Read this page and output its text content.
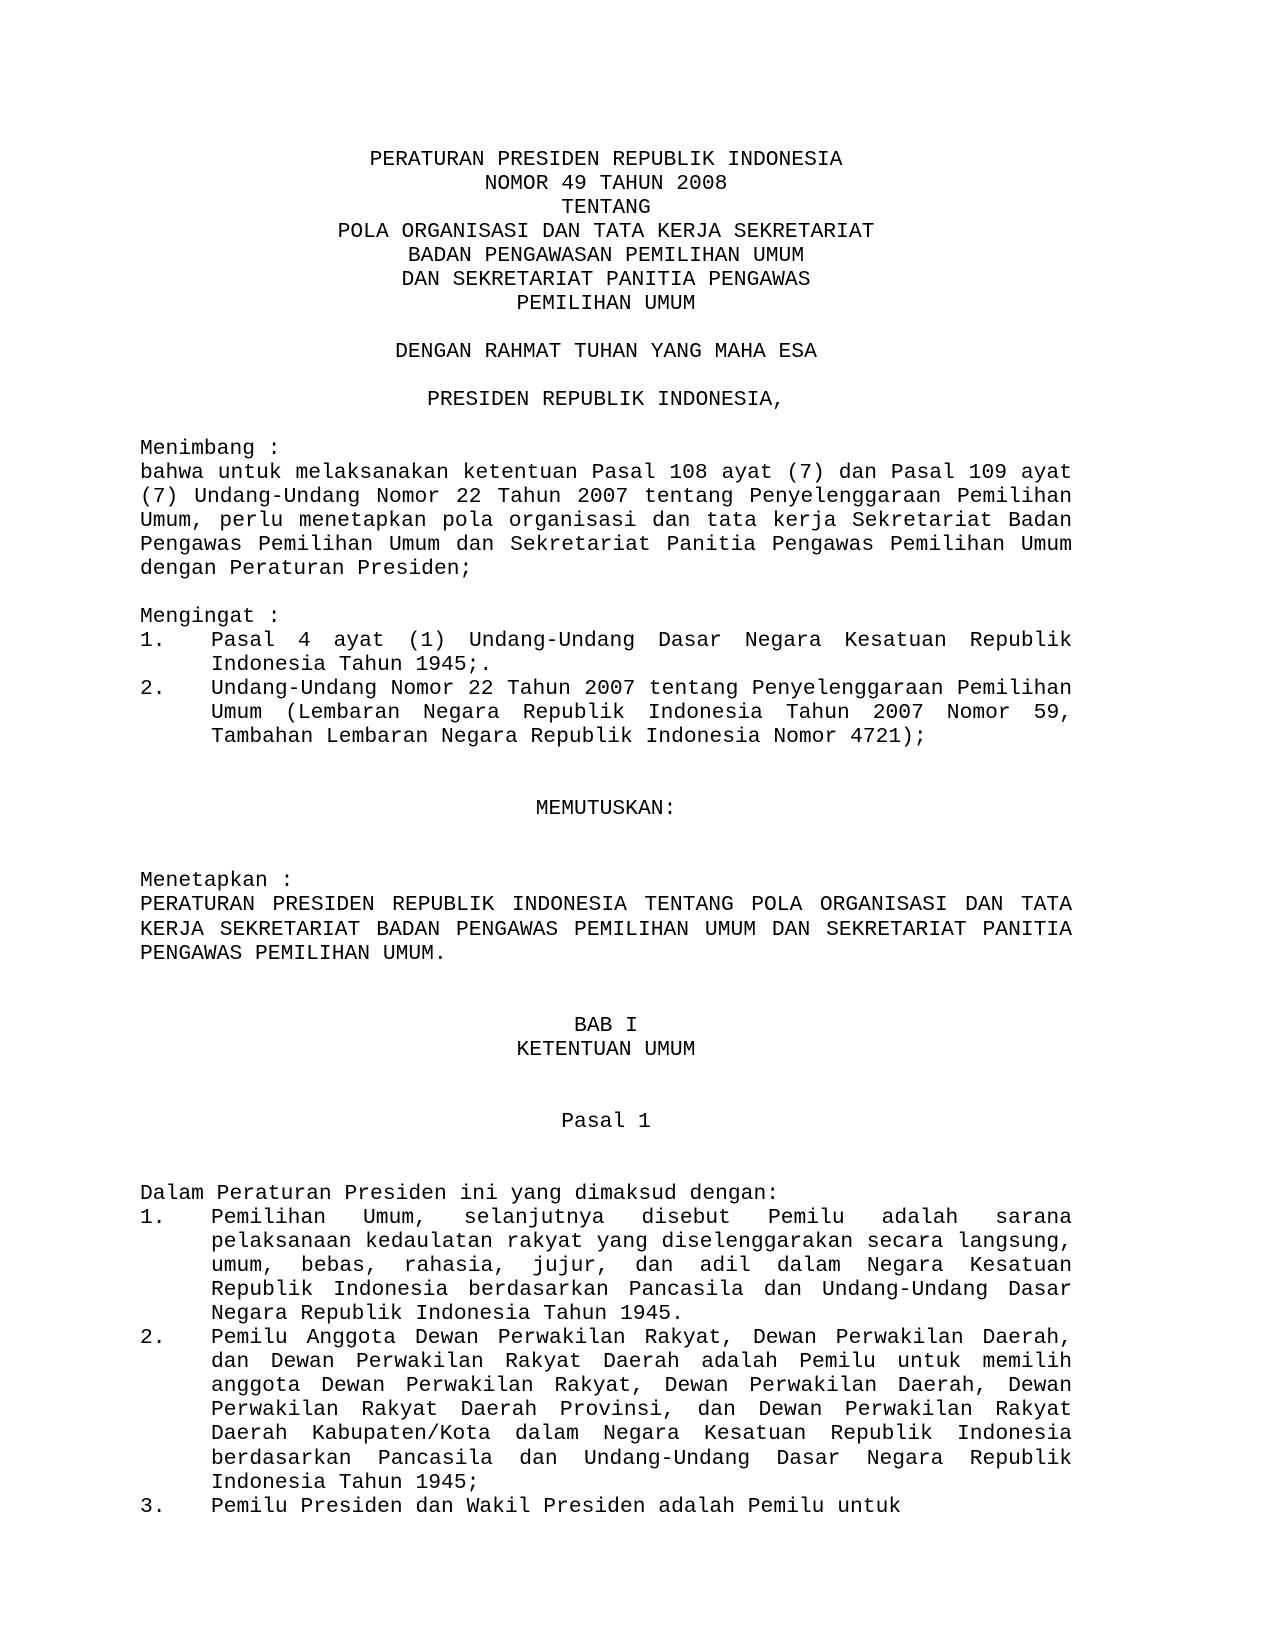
PERATURAN PRESIDEN REPUBLIK INDONESIA
NOMOR 49 TAHUN 2008
TENTANG
POLA ORGANISASI DAN TATA KERJA SEKRETARIAT
BADAN PENGAWASAN PEMILIHAN UMUM
DAN SEKRETARIAT PANITIA PENGAWAS
PEMILIHAN UMUM

DENGAN RAHMAT TUHAN YANG MAHA ESA

PRESIDEN REPUBLIK INDONESIA,

Menimbang :
bahwa untuk melaksanakan ketentuan Pasal 108 ayat (7) dan Pasal 109 ayat (7) Undang-Undang Nomor 22 Tahun 2007 tentang Penyelenggaraan Pemilihan Umum, perlu menetapkan pola organisasi dan tata kerja Sekretariat Badan Pengawas Pemilihan Umum dan Sekretariat Panitia Pengawas Pemilihan Umum dengan Peraturan Presiden;

Mengingat :
1.	Pasal 4 ayat (1) Undang-Undang Dasar Negara Kesatuan Republik Indonesia Tahun 1945;.
2.	Undang-Undang Nomor 22 Tahun 2007 tentang Penyelenggaraan Pemilihan Umum (Lembaran Negara Republik Indonesia Tahun 2007 Nomor 59, Tambahan Lembaran Negara Republik Indonesia Nomor 4721);

MEMUTUSKAN:

Menetapkan :
PERATURAN PRESIDEN REPUBLIK INDONESIA TENTANG POLA ORGANISASI DAN TATA KERJA SEKRETARIAT BADAN PENGAWAS PEMILIHAN UMUM DAN SEKRETARIAT PANITIA PENGAWAS PEMILIHAN UMUM.

BAB I
KETENTUAN UMUM

Pasal 1

Dalam Peraturan Presiden ini yang dimaksud dengan:
1.	Pemilihan Umum, selanjutnya disebut Pemilu adalah sarana pelaksanaan kedaulatan rakyat yang diselenggarakan secara langsung, umum, bebas, rahasia, jujur, dan adil dalam Negara Kesatuan Republik Indonesia berdasarkan Pancasila dan Undang-Undang Dasar Negara Republik Indonesia Tahun 1945.
2.	Pemilu Anggota Dewan Perwakilan Rakyat, Dewan Perwakilan Daerah, dan Dewan Perwakilan Rakyat Daerah adalah Pemilu untuk memilih anggota Dewan Perwakilan Rakyat, Dewan Perwakilan Daerah, Dewan Perwakilan Rakyat Daerah Provinsi, dan Dewan Perwakilan Rakyat Daerah Kabupaten/Kota dalam Negara Kesatuan Republik Indonesia berdasarkan Pancasila dan Undang-Undang Dasar Negara Republik Indonesia Tahun 1945;
3.	Pemilu Presiden dan Wakil Presiden adalah Pemilu untuk
